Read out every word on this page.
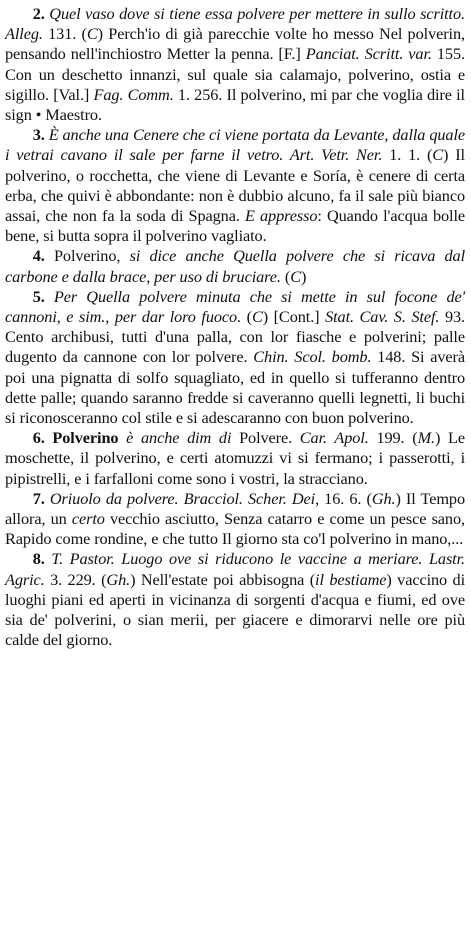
2. Quel vaso dove si tiene essa polvere per mettere in sullo scritto. Alleg. 131. (C) Perch'io di già parecchie volte ho messo Nel polverin, pensando nell'inchiostro Metter la penna. [F.] Panciat. Scritt. var. 155. Con un deschetto innanzi, sul quale sia calamajo, polverino, ostia e sigillo. [Val.] Fag. Comm. 1. 256. Il polverino, mi par che voglia dire il sign • Maestro.

3. È anche una Cenere che ci viene portata da Levante, dalla quale i vetrai cavano il sale per farne il vetro. Art. Vetr. Ner. 1. 1. (C) Il polverino, o rocchetta, che viene di Levante e Soría, è cenere di certa erba, che quivi è abbondante: non è dubbio alcuno, fa il sale più bianco assai, che non fa la soda di Spagna. E appresso: Quando l'acqua bolle bene, si butta sopra il polverino vagliato.

4. Polverino, si dice anche Quella polvere che si ricava dal carbone e dalla brace, per uso di bruciare. (C)

5. Per Quella polvere minuta che si mette in sul focone de' cannoni, e sim., per dar loro fuoco. (C) [Cont.] Stat. Cav. S. Stef. 93. Cento archibusi, tutti d'una palla, con lor fiasche e polverini; palle dugento da cannone con lor polvere. Chin. Scol. bomb. 148. Si averà poi una pignatta di solfo squagliato, ed in quello si tufferanno dentro dette palle; quando saranno fredde si caveranno quelli legnetti, li buchi si riconosceranno col stile e si adescaranno con buon polverino.

6. Polverino è anche dim di Polvere. Car. Apol. 199. (M.) Le moschette, il polverino, e certi atomuzzi vi si fermano; i passerotti, i pipistrelli, e i farfalloni come sono i vostri, la stracciano.

7. Oriuolo da polvere. Bracciol. Scher. Dei, 16. 6. (Gh.) Il Tempo allora, un certo vecchio asciutto, Senza catarro e come un pesce sano, Rapido come rondine, e che tutto Il giorno sta co'l polverino in mano,...

8. T. Pastor. Luogo ove si riducono le vaccine a meriare. Lastr. Agric. 3. 229. (Gh.) Nell'estate poi abbisogna (il bestiame) vaccino di luoghi piani ed aperti in vicinanza di sorgenti d'acqua e fiumi, ed ove sia de' polverini, o sian merii, per giacere e dimorarvi nelle ore più calde del giorno.
